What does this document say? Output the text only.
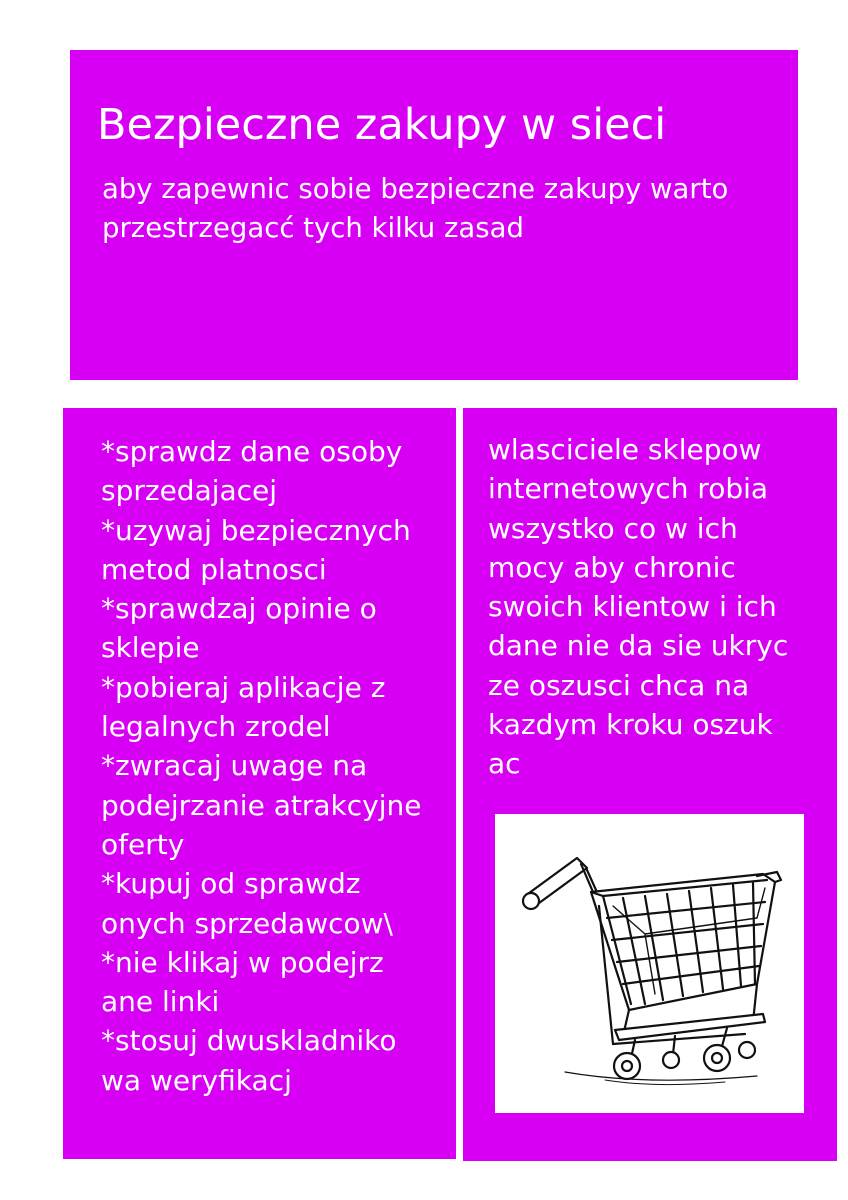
Bezpieczne zakupy w sieci
aby zapewnic sobie bezpieczne zakupy warto
przestrzegacć tych kilku zasad
*sprawdz dane osoby
sprzedajacej
*uzywaj bezpiecznych
metod platnosci
*sprawdzaj opinie o
sklepie
*pobieraj aplikacje z
legalnych zrodel
*zwracaj uwage na
podejrzanie atrakcyjne
oferty
*kupuj od sprawdz
onych sprzedawcow\
*nie klikaj w podejrz
ane linki
*stosuj dwuskladniko
wa weryfikacj
wlasciciele sklepow
internetowych robia
wszystko co w ich
mocy aby chronic
swoich klientow i ich
dane nie da sie ukryc
ze oszusci chca na
kazdym kroku oszuk
ac
